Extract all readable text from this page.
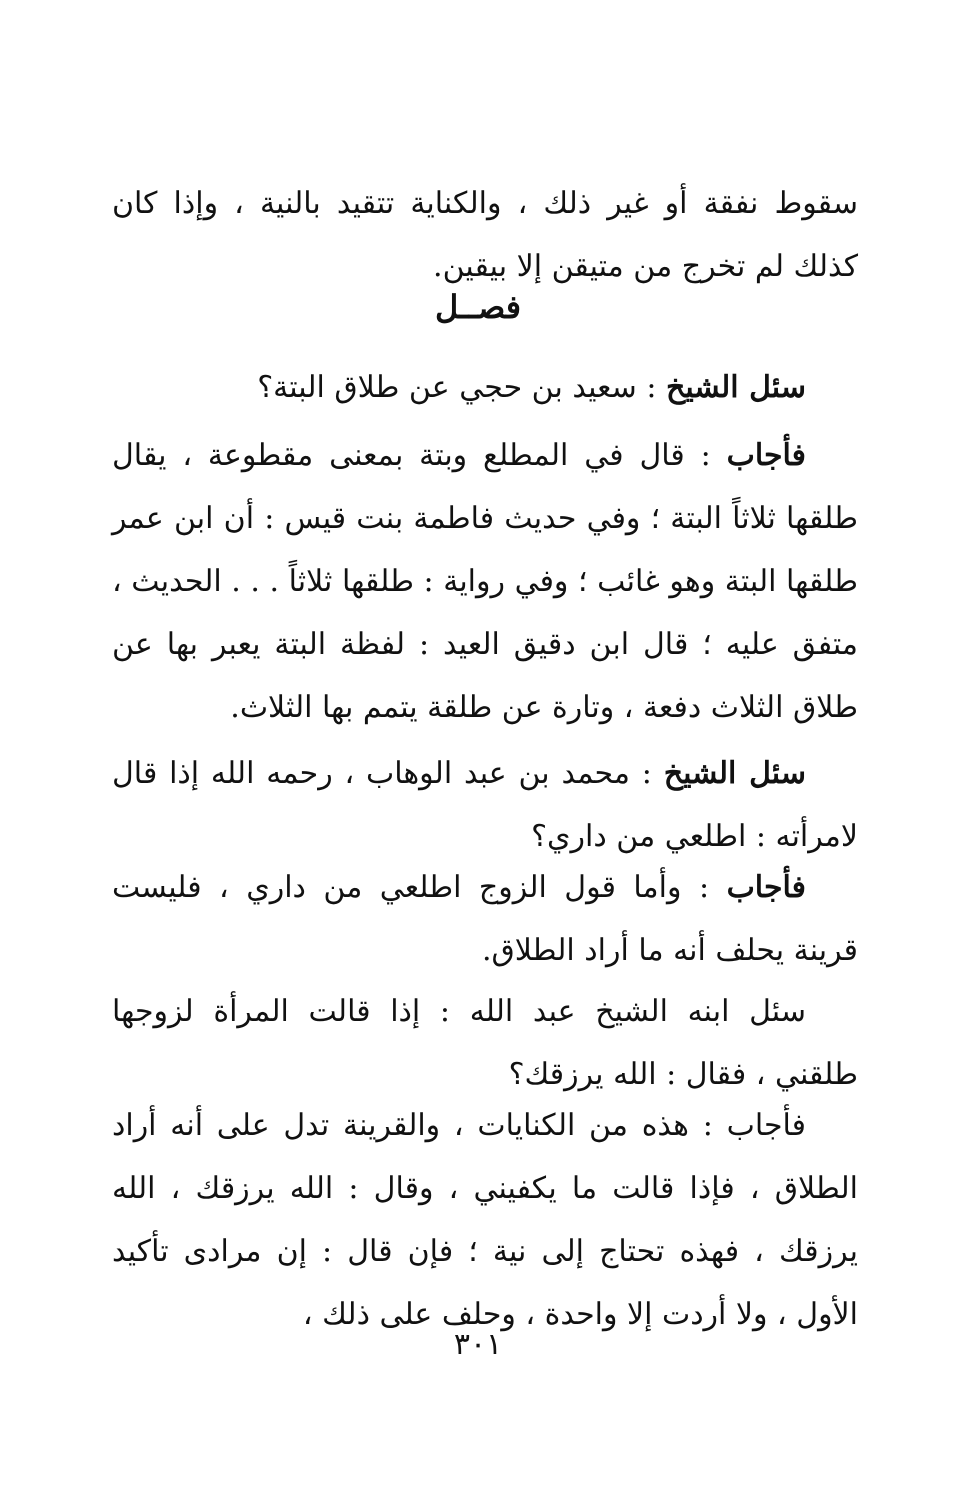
سقوط نفقة أو غير ذلك ، والكناية تتقيد بالنية ، وإذا كان كذلك لم تخرج من متيقن إلا بيقين.

فصــل

سئل الشيخ : سعيد بن حجي عن طلاق البتة؟

فأجاب : قال في المطلع وبتة بمعنى مقطوعة ، يقال طلقها ثلاثاً البتة ؛ وفي حديث فاطمة بنت قيس : أن ابن عمر طلقها البتة وهو غائب ؛ وفي رواية : طلقها ثلاثاً . . . الحديث ، متفق عليه ؛ قال ابن دقيق العيد : لفظة البتة يعبر بها عن طلاق الثلاث دفعة ، وتارة عن طلقة يتمم بها الثلاث.

سئل الشيخ : محمد بن عبد الوهاب ، رحمه الله إذا قال لامرأته : اطلعي من داري؟

فأجاب : وأما قول الزوج اطلعي من داري ، فليست قرينة يحلف أنه ما أراد الطلاق.

سئل ابنه الشيخ عبد الله : إذا قالت المرأة لزوجها طلقني ، فقال : الله يرزقك؟

فأجاب : هذه من الكنايات ، والقرينة تدل على أنه أراد الطلاق ، فإذا قالت ما يكفيني ، وقال : الله يرزقك ، الله يرزقك ، فهذه تحتاج إلى نية ؛ فإن قال : إن مرادى تأكيد الأول ، ولا أردت إلا واحدة ، وحلف على ذلك ،

٣٠١
